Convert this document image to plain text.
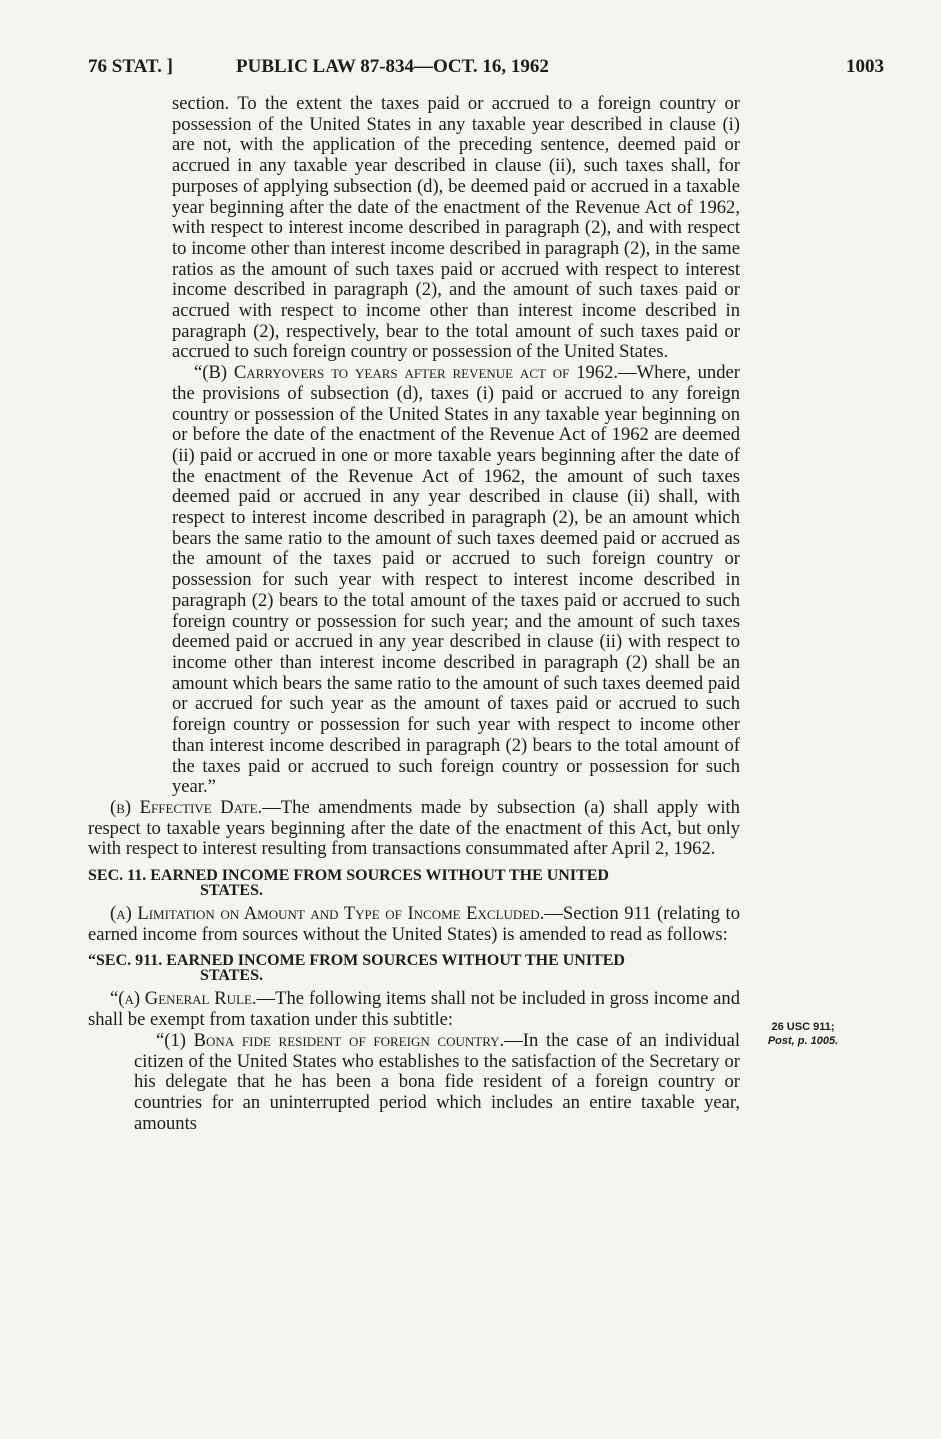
76 STAT. ]	PUBLIC LAW 87-834—OCT. 16, 1962	1003

section. To the extent the taxes paid or accrued to a foreign country or possession of the United States in any taxable year described in clause (i) are not, with the application of the preceding sentence, deemed paid or accrued in any taxable year described in clause (ii), such taxes shall, for purposes of applying subsection (d), be deemed paid or accrued in a taxable year beginning after the date of the enactment of the Revenue Act of 1962, with respect to interest income described in paragraph (2), and with respect to income other than interest income described in paragraph (2), in the same ratios as the amount of such taxes paid or accrued with respect to interest income described in paragraph (2), and the amount of such taxes paid or accrued with respect to income other than interest income described in paragraph (2), respectively, bear to the total amount of such taxes paid or accrued to such foreign country or possession of the United States.

“(B) Carryovers to years after revenue act of 1962.—Where, under the provisions of subsection (d), taxes (i) paid or accrued to any foreign country or possession of the United States in any taxable year beginning on or before the date of the enactment of the Revenue Act of 1962 are deemed (ii) paid or accrued in one or more taxable years beginning after the date of the enactment of the Revenue Act of 1962, the amount of such taxes deemed paid or accrued in any year described in clause (ii) shall, with respect to interest income described in paragraph (2), be an amount which bears the same ratio to the amount of such taxes deemed paid or accrued as the amount of the taxes paid or accrued to such foreign country or possession for such year with respect to interest income described in paragraph (2) bears to the total amount of the taxes paid or accrued to such foreign country or possession for such year; and the amount of such taxes deemed paid or accrued in any year described in clause (ii) with respect to income other than interest income described in paragraph (2) shall be an amount which bears the same ratio to the amount of such taxes deemed paid or accrued for such year as the amount of taxes paid or accrued to such foreign country or possession for such year with respect to income other than interest income described in paragraph (2) bears to the total amount of the taxes paid or accrued to such foreign country or possession for such year.”

(b) Effective Date.—The amendments made by subsection (a) shall apply with respect to taxable years beginning after the date of the enactment of this Act, but only with respect to interest resulting from transactions consummated after April 2, 1962.

SEC. 11. EARNED INCOME FROM SOURCES WITHOUT THE UNITED
STATES.

(a) Limitation on Amount and Type of Income Excluded.—Section 911 (relating to earned income from sources without the United States) is amended to read as follows:

“SEC. 911. EARNED INCOME FROM SOURCES WITHOUT THE UNITED
STATES.

“(a) General Rule.—The following items shall not be included in gross income and shall be exempt from taxation under this subtitle:

“(1) Bona fide resident of foreign country.—In the case of an individual citizen of the United States who establishes to the satisfaction of the Secretary or his delegate that he has been a bona fide resident of a foreign country or countries for an uninterrupted period which includes an entire taxable year, amounts

26 USC 911;
Post, p. 1005.
